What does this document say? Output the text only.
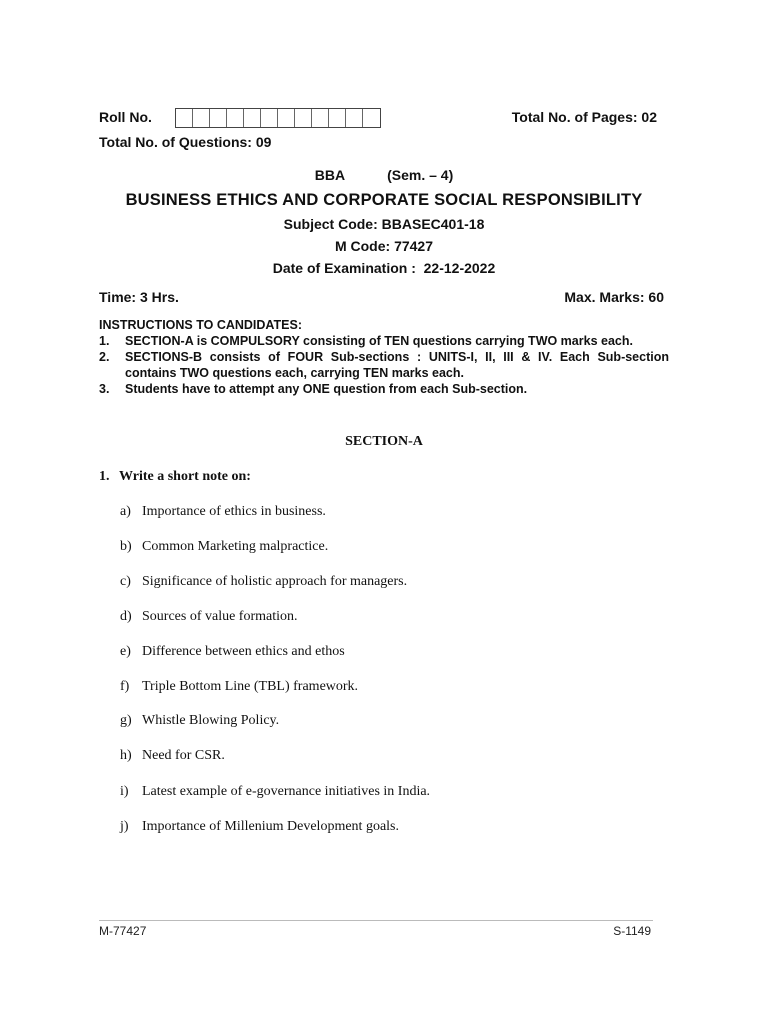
Roll No.	Total No. of Pages: 02
Total No. of Questions: 09
BBA	(Sem. – 4)
BUSINESS ETHICS AND CORPORATE SOCIAL RESPONSIBILITY
Subject Code: BBASEC401-18
M Code: 77427
Date of Examination :  22-12-2022
Time: 3 Hrs.	Max. Marks: 60
INSTRUCTIONS TO CANDIDATES:
1.	SECTION-A is COMPULSORY consisting of TEN questions carrying TWO marks each.
2.	SECTIONS-B consists of FOUR Sub-sections : UNITS-I, II, III & IV. Each Sub-section contains TWO questions each, carrying TEN marks each.
3.	Students have to attempt any ONE question from each Sub-section.
SECTION-A
1. Write a short note on:
a) Importance of ethics in business.
b) Common Marketing malpractice.
c) Significance of holistic approach for managers.
d) Sources of value formation.
e) Difference between ethics and ethos
f) Triple Bottom Line (TBL) framework.
g) Whistle Blowing Policy.
h) Need for CSR.
i) Latest example of e-governance initiatives in India.
j) Importance of Millenium Development goals.
M-77427	S-1149
